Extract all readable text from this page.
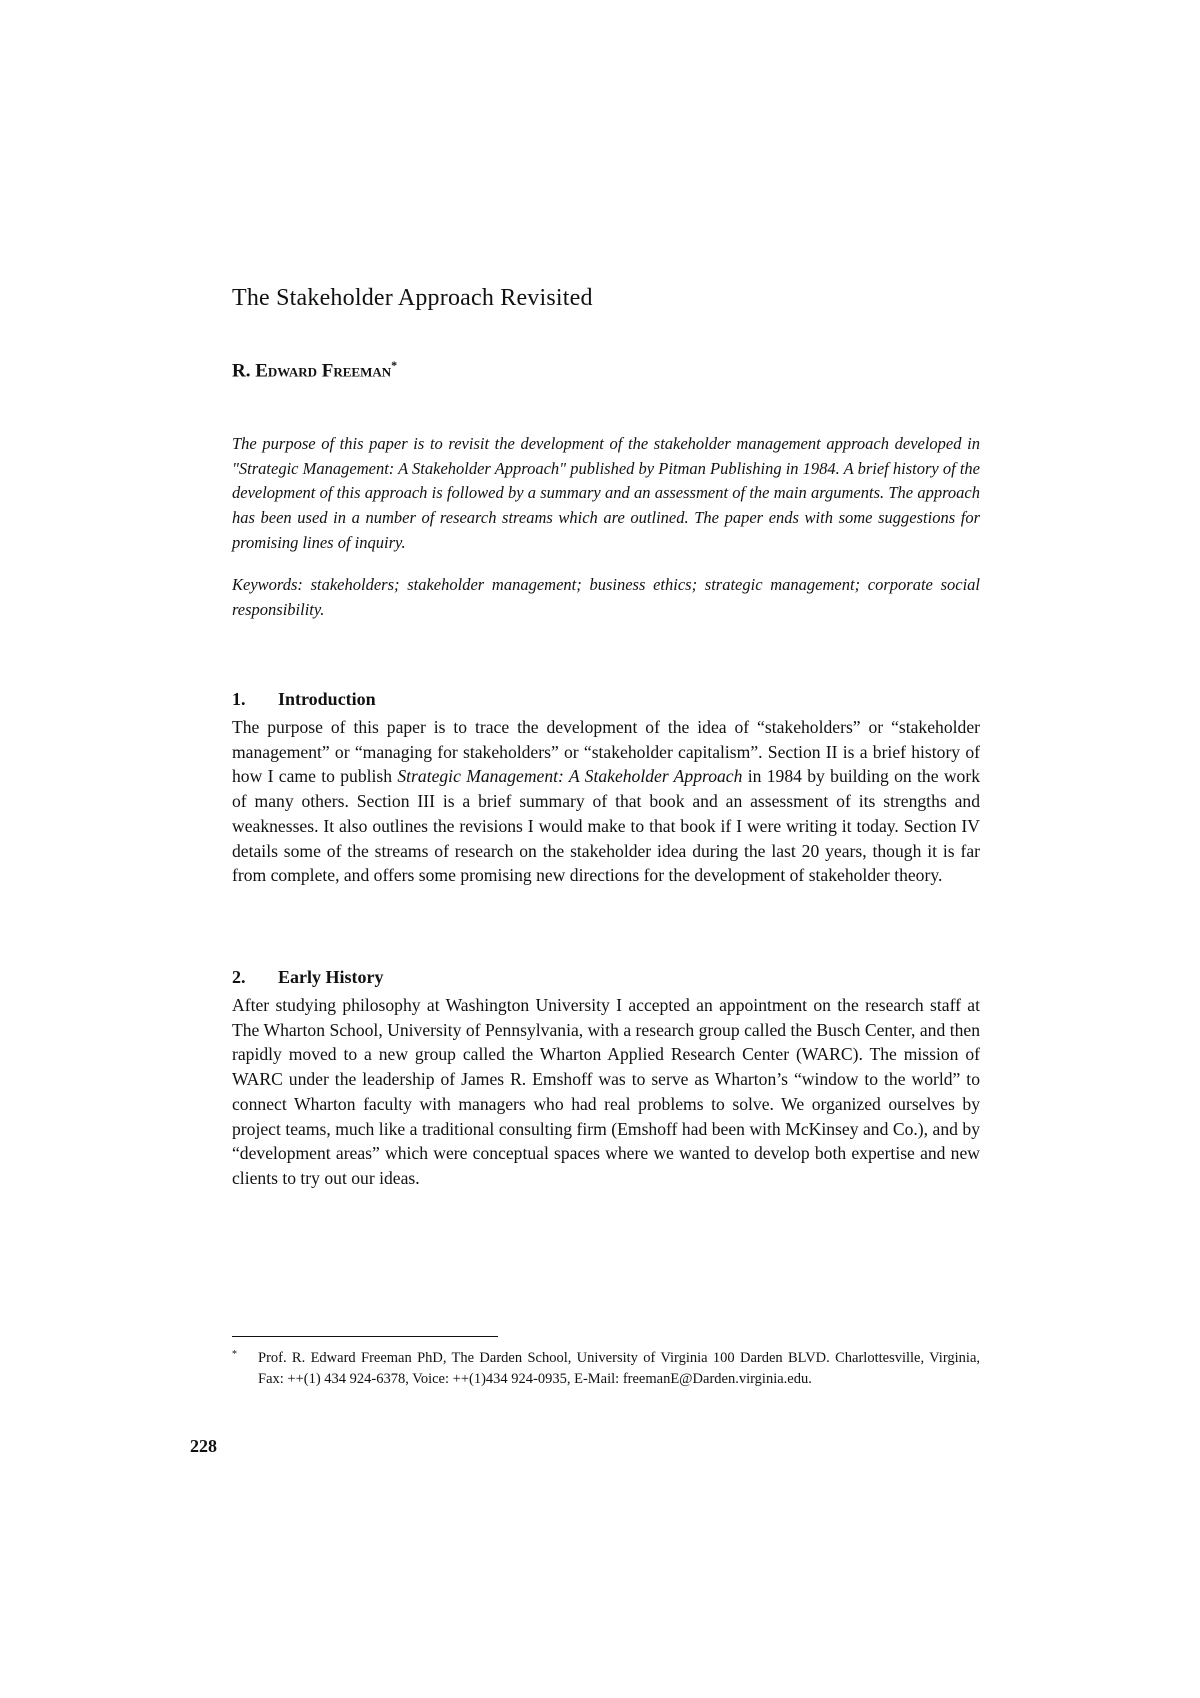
The Stakeholder Approach Revisited
R. Edward Freeman*

The purpose of this paper is to revisit the development of the stakeholder management approach developed in "Strategic Management: A Stakeholder Approach" published by Pitman Publishing in 1984. A brief history of the development of this approach is followed by a summary and an assessment of the main arguments. The approach has been used in a number of research streams which are outlined. The paper ends with some suggestions for promising lines of inquiry.

Keywords: stakeholders; stakeholder management; business ethics; strategic management; corporate social responsibility.

1. Introduction

The purpose of this paper is to trace the development of the idea of “stakeholders” or “stakeholder management” or “managing for stakeholders” or “stakeholder capitalism”. Section II is a brief history of how I came to publish Strategic Management: A Stakeholder Approach in 1984 by building on the work of many others. Section III is a brief summary of that book and an assessment of its strengths and weaknesses. It also outlines the revisions I would make to that book if I were writing it today. Section IV details some of the streams of research on the stakeholder idea during the last 20 years, though it is far from complete, and offers some promising new directions for the development of stakeholder theory.

2. Early History

After studying philosophy at Washington University I accepted an appointment on the research staff at The Wharton School, University of Pennsylvania, with a research group called the Busch Center, and then rapidly moved to a new group called the Wharton Applied Research Center (WARC). The mission of WARC under the leadership of James R. Emshoff was to serve as Wharton’s “window to the world” to connect Wharton faculty with managers who had real problems to solve. We organized ourselves by project teams, much like a traditional consulting firm (Emshoff had been with McKinsey and Co.), and by “development areas” which were conceptual spaces where we wanted to develop both expertise and new clients to try out our ideas.

* Prof. R. Edward Freeman PhD, The Darden School, University of Virginia 100 Darden BLVD. Charlottesville, Virginia, Fax: ++(1) 434 924-6378, Voice: ++(1)434 924-0935, E-Mail: freemanE@Darden.virginia.edu.
228
